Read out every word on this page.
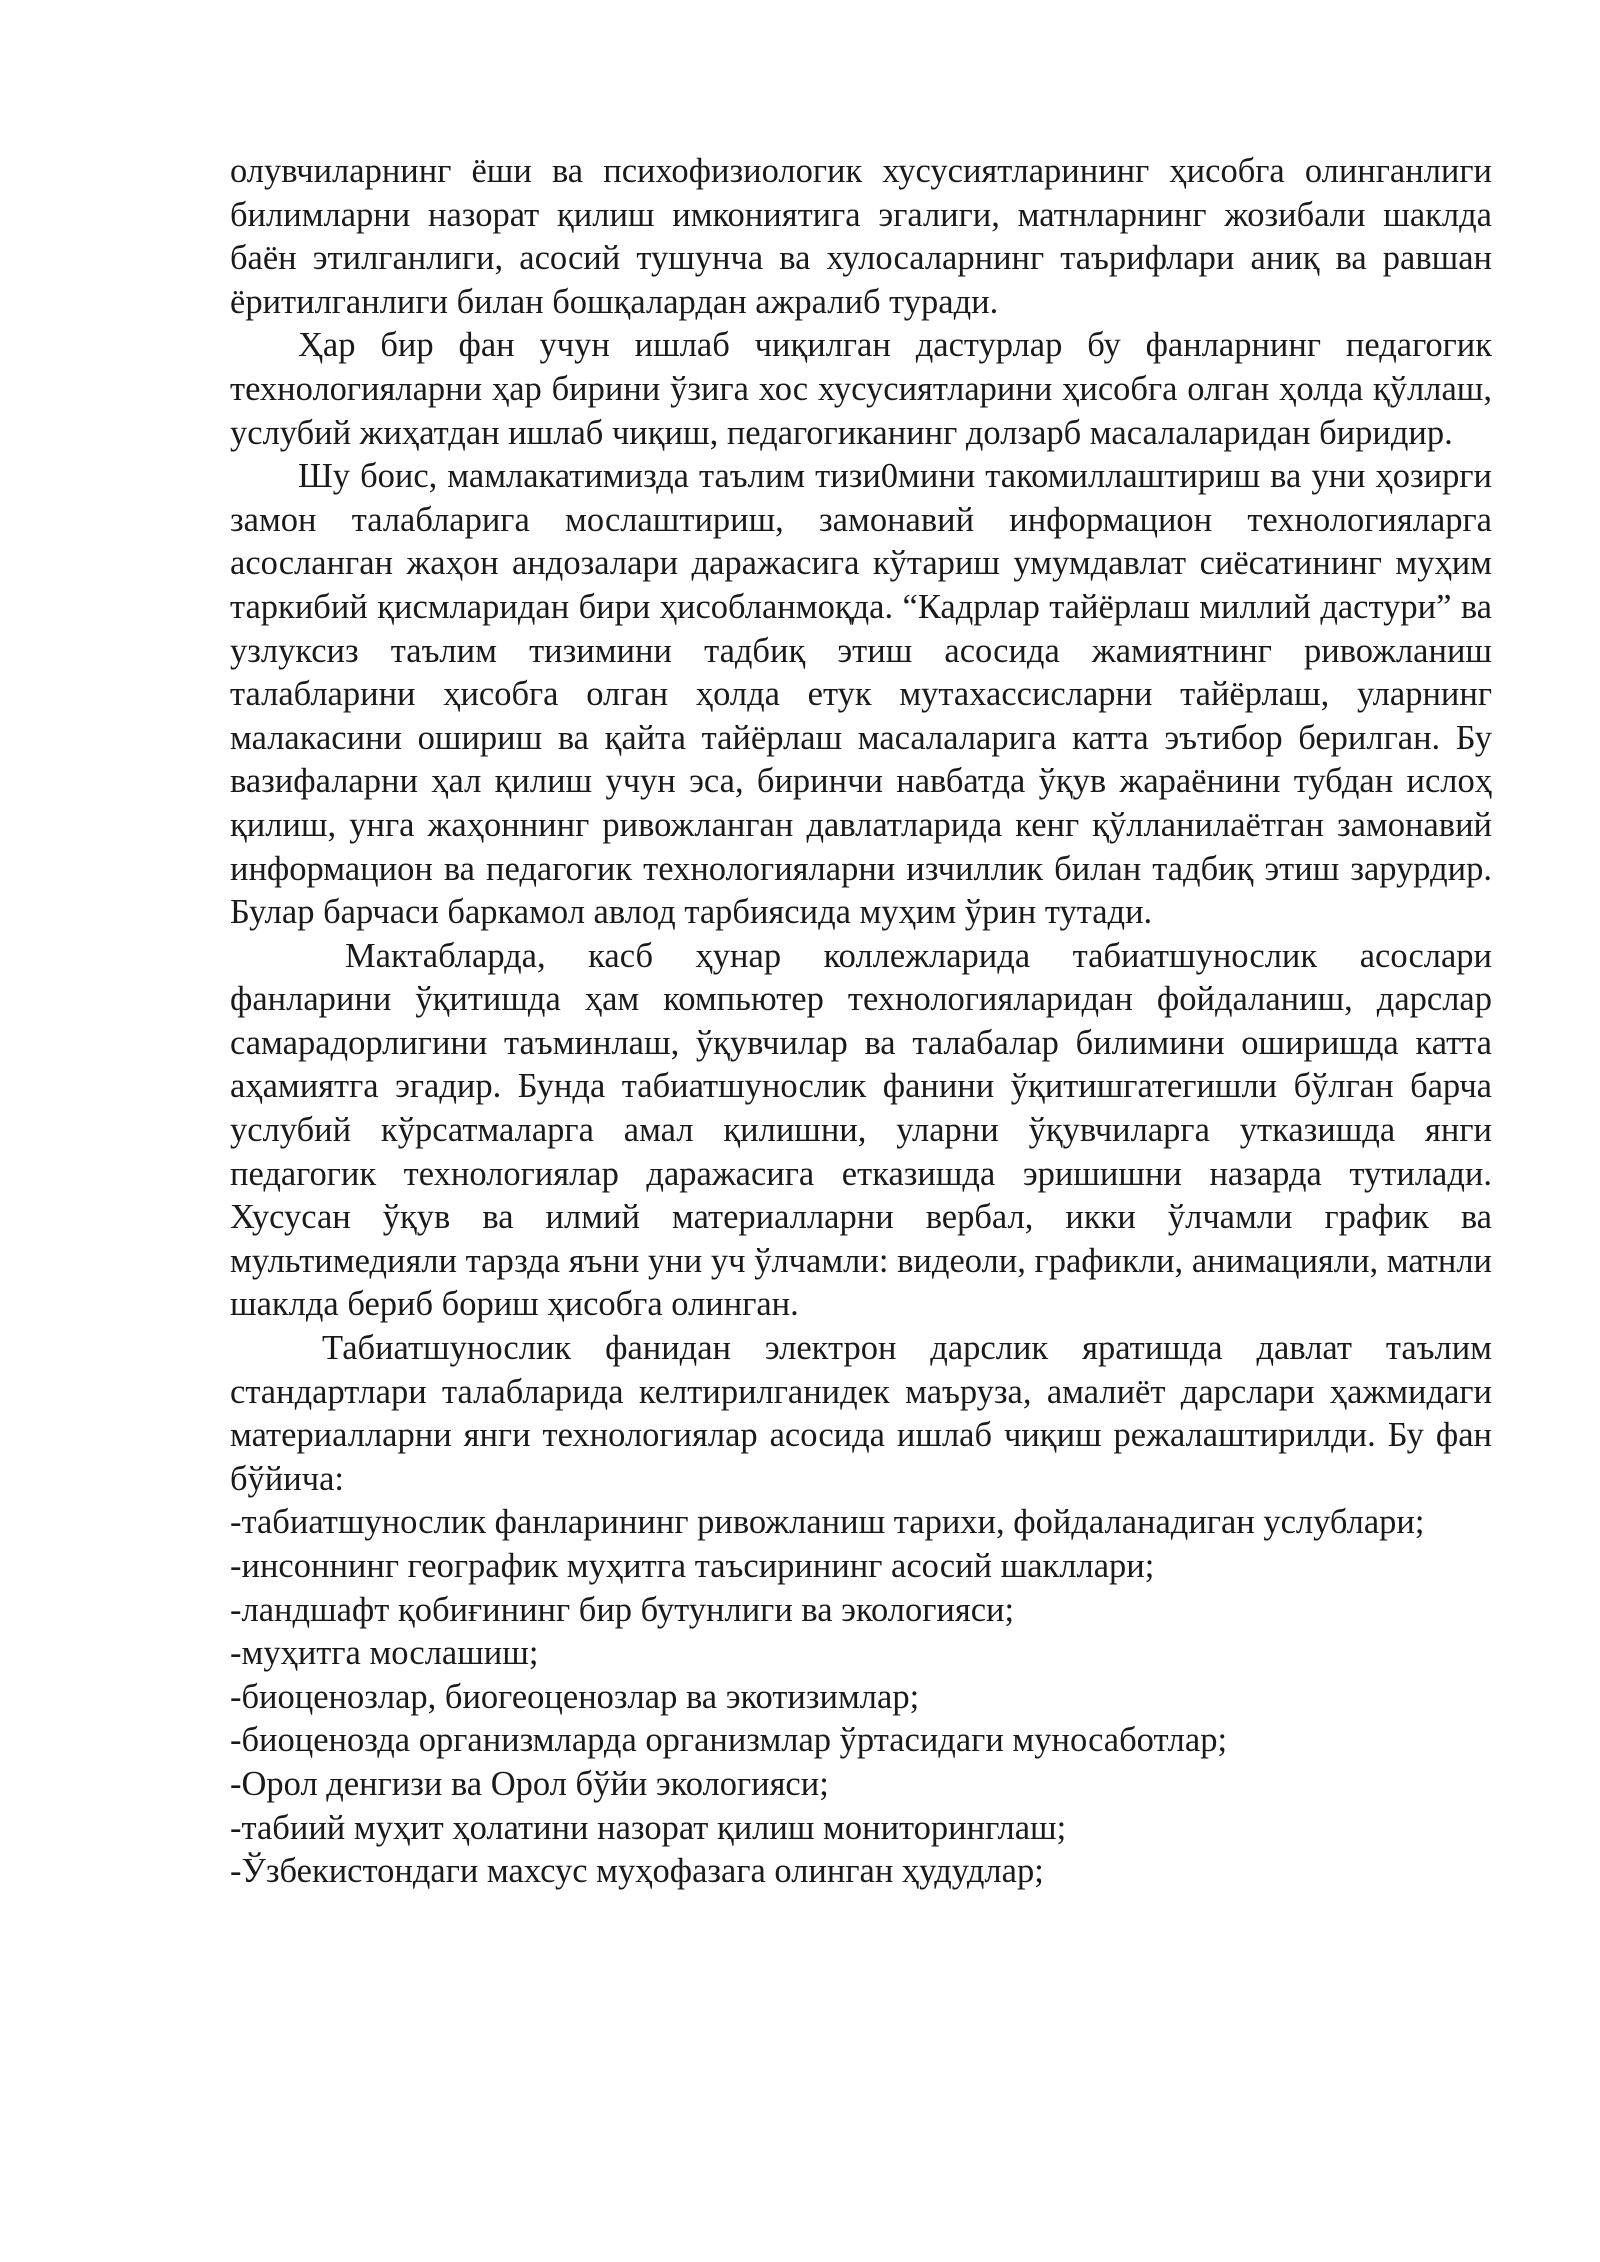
олувчиларнинг ёши ва психофизиологик хусусиятларининг ҳисобга олинганлиги билимларни назорат қилиш имкониятига эгалиги, матнларнинг жозибали шаклда баён этилганлиги, асосий тушунча ва хулосаларнинг таърифлари аниқ ва равшан ёритилганлиги билан бошқалардан ажралиб туради.

Ҳар бир фан учун ишлаб чиқилган дастурлар бу фанларнинг педагогик технологияларни ҳар бирини ўзига хос хусусиятларини ҳисобга олган ҳолда қўллаш, услубий жиҳатдан ишлаб чиқиш, педагогиканинг долзарб масалаларидан биридир.

Шу боис, мамлакатимизда таълим тизи0мини такомиллаштириш ва уни ҳозирги замон талабларига мослаштириш, замонавий информацион технологияларга асосланган жаҳон андозалари даражасига кўтариш умумдавлат сиёсатининг муҳим таркибий қисмларидан бири ҳисобланмоқда. “Кадрлар тайёрлаш миллий дастури” ва узлуксиз таълим тизимини тадбиқ этиш асосида жамиятнинг ривожланиш талабларини ҳисобга олган ҳолда етук мутахассисларни тайёрлаш, уларнинг малакасини ошириш ва қайта тайёрлаш масалаларига катта эътибор берилган. Бу вазифаларни ҳал қилиш учун эса, биринчи навбатда ўқув жараёнини тубдан ислоҳ қилиш, унга жаҳоннинг ривожланган давлатларида кенг қўлланилаётган замонавий информацион ва педагогик технологияларни изчиллик билан тадбиқ этиш зарурдир. Булар барчаси баркамол авлод тарбиясида муҳим ўрин тутади.

Мактабларда, касб ҳунар коллежларида табиатшунослик асослари фанларини ўқитишда ҳам компьютер технологияларидан фойдаланиш, дарслар самарадорлигини таъминлаш, ўқувчилар ва талабалар билимини оширишда катта аҳамиятга эгадир. Бунда табиатшунослик фанини ўқитишгатегишли бўлган барча услубий кўрсатмаларга амал қилишни, уларни ўқувчиларга утказишда янги педагогик технологиялар даражасига етказишда эришишни назарда тутилади. Хусусан ўқув ва илмий материалларни вербал, икки ўлчамли график ва мультимедияли тарзда яъни уни уч ўлчамли: видеоли, графикли, анимацияли, матнли шаклда бериб бориш ҳисобга олинган.

Табиатшунослик фанидан электрон дарслик яратишда давлат таълим стандартлари талабларида келтирилганидек маъруза, амалиёт дарслари ҳажмидаги материалларни янги технологиялар асосида ишлаб чиқиш режалаштирилди. Бу фан бўйича:

-табиатшунослик фанларининг ривожланиш тарихи, фойдаланадиган услублари;

-инсоннинг географик муҳитга таъсирининг асосий шакллари;

-ландшафт қобиғининг бир бутунлиги ва экологияси;

-муҳитга мослашиш;

-биоценозлар, биогеоценозлар ва экотизимлар;

-биоценозда организмларда организмлар ўртасидаги муносаботлар;

-Орол денгизи ва Орол бўйи экологияси;

-табиий муҳит ҳолатини назорат қилиш мониторинглаш;

-Ўзбекистондаги махсус муҳофазага олинган ҳудудлар;
